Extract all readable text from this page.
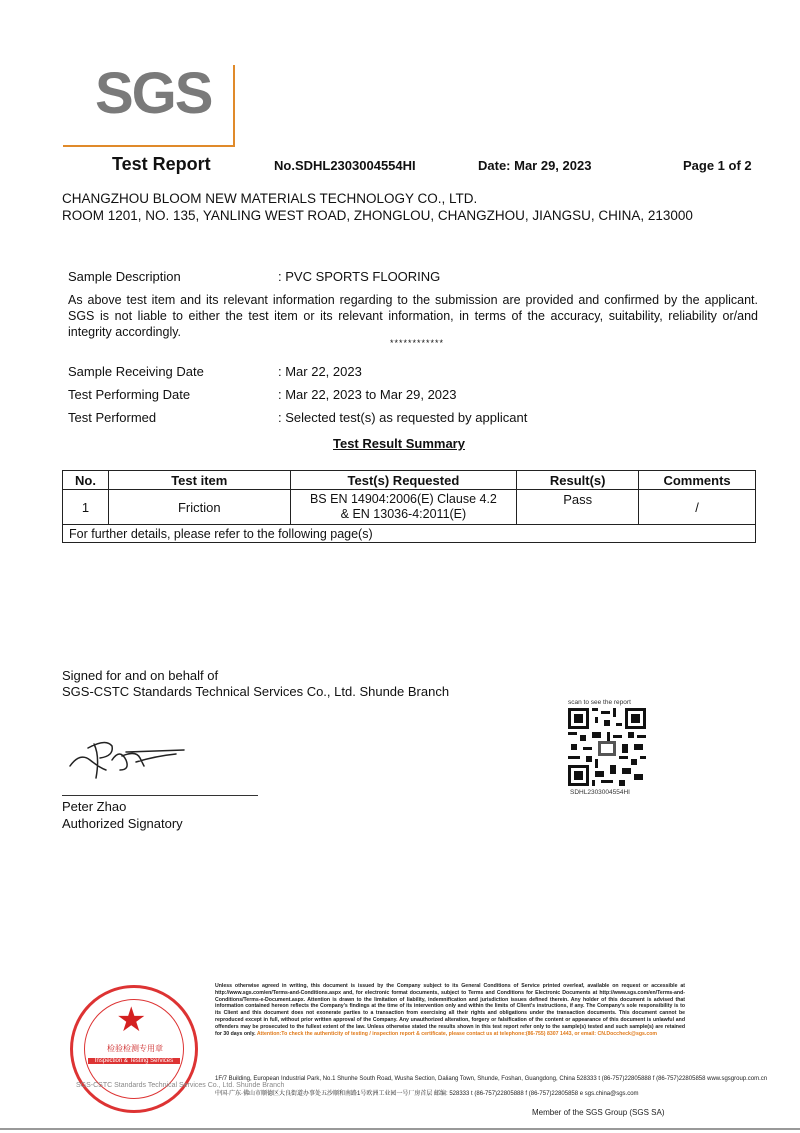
SGS
Test Report	No.SDHL2303004554HI	Date: Mar 29, 2023	Page 1 of 2
CHANGZHOU BLOOM NEW MATERIALS TECHNOLOGY CO., LTD.
ROOM 1201, NO. 135, YANLING WEST ROAD, ZHONGLOU, CHANGZHOU, JIANGSU, CHINA, 213000
Sample Description	: PVC SPORTS FLOORING
As above test item and its relevant information regarding to the submission are provided and confirmed by the applicant. SGS is not liable to either the test item or its relevant information, in terms of the accuracy, suitability, reliability or/and integrity accordingly.
************
Sample Receiving Date	: Mar 22, 2023
Test Performing Date	: Mar 22, 2023 to Mar 29, 2023
Test Performed	: Selected test(s) as requested by applicant
Test Result Summary
No.	Test item	Test(s) Requested	Result(s)	Comments
1	Friction	BS EN 14904:2006(E) Clause 4.2
& EN 13036-4:2011(E)	Pass	/
For further details, please refer to the following page(s)				
Signed for and on behalf of
SGS-CSTC Standards Technical Services Co., Ltd. Shunde Branch
Peter Zhao
Authorized Signatory
scan to see the report
SDHL2303004554HI
★
检验检测专用章
Inspection & Testing Services
SGS-CSTC Standards Technical Services Co., Ltd. Shunde Branch
Unless otherwise agreed in writing, this document is issued by the Company subject to its General Conditions of Service printed overleaf, available on request or accessible at http://www.sgs.com/en/Terms-and-Conditions.aspx and, for electronic format documents, subject to Terms and Conditions for Electronic Documents at http://www.sgs.com/en/Terms-and-Conditions/Terms-e-Document.aspx. Attention is drawn to the limitation of liability, indemnification and jurisdiction issues defined therein. Any holder of this document is advised that information contained hereon reflects the Company's findings at the time of its intervention only and within the limits of Client's instructions, if any. The Company's sole responsibility is to its Client and this document does not exonerate parties to a transaction from exercising all their rights and obligations under the transaction documents. This document cannot be reproduced except in full, without prior written approval of the Company. Any unauthorized alteration, forgery or falsification of the content or appearance of this document is unlawful and offenders may be prosecuted to the fullest extent of the law. Unless otherwise stated the results shown in this test report refer only to the sample(s) tested and such sample(s) are retained for 30 days only. Attention:To check the authenticity of testing / inspection report & certificate, please contact us at telephone:(86-755) 8307 1443, or email: CN.Doccheck@sgs.com
1F/7 Building, European Industrial Park, No.1 Shunhe South Road, Wusha Section, Daliang Town, Shunde, Foshan, Guangdong, China 528333 t (86-757)22805888 f (86-757)22805858 www.sgsgroup.com.cn
中国·广东·佛山市顺德区大良街道办事处五沙顺和南路1号欧洲工业园一号厂房首层 邮编: 528333 t (86-757)22805888 f (86-757)22805858 e sgs.china@sgs.com
Member of the SGS Group (SGS SA)
